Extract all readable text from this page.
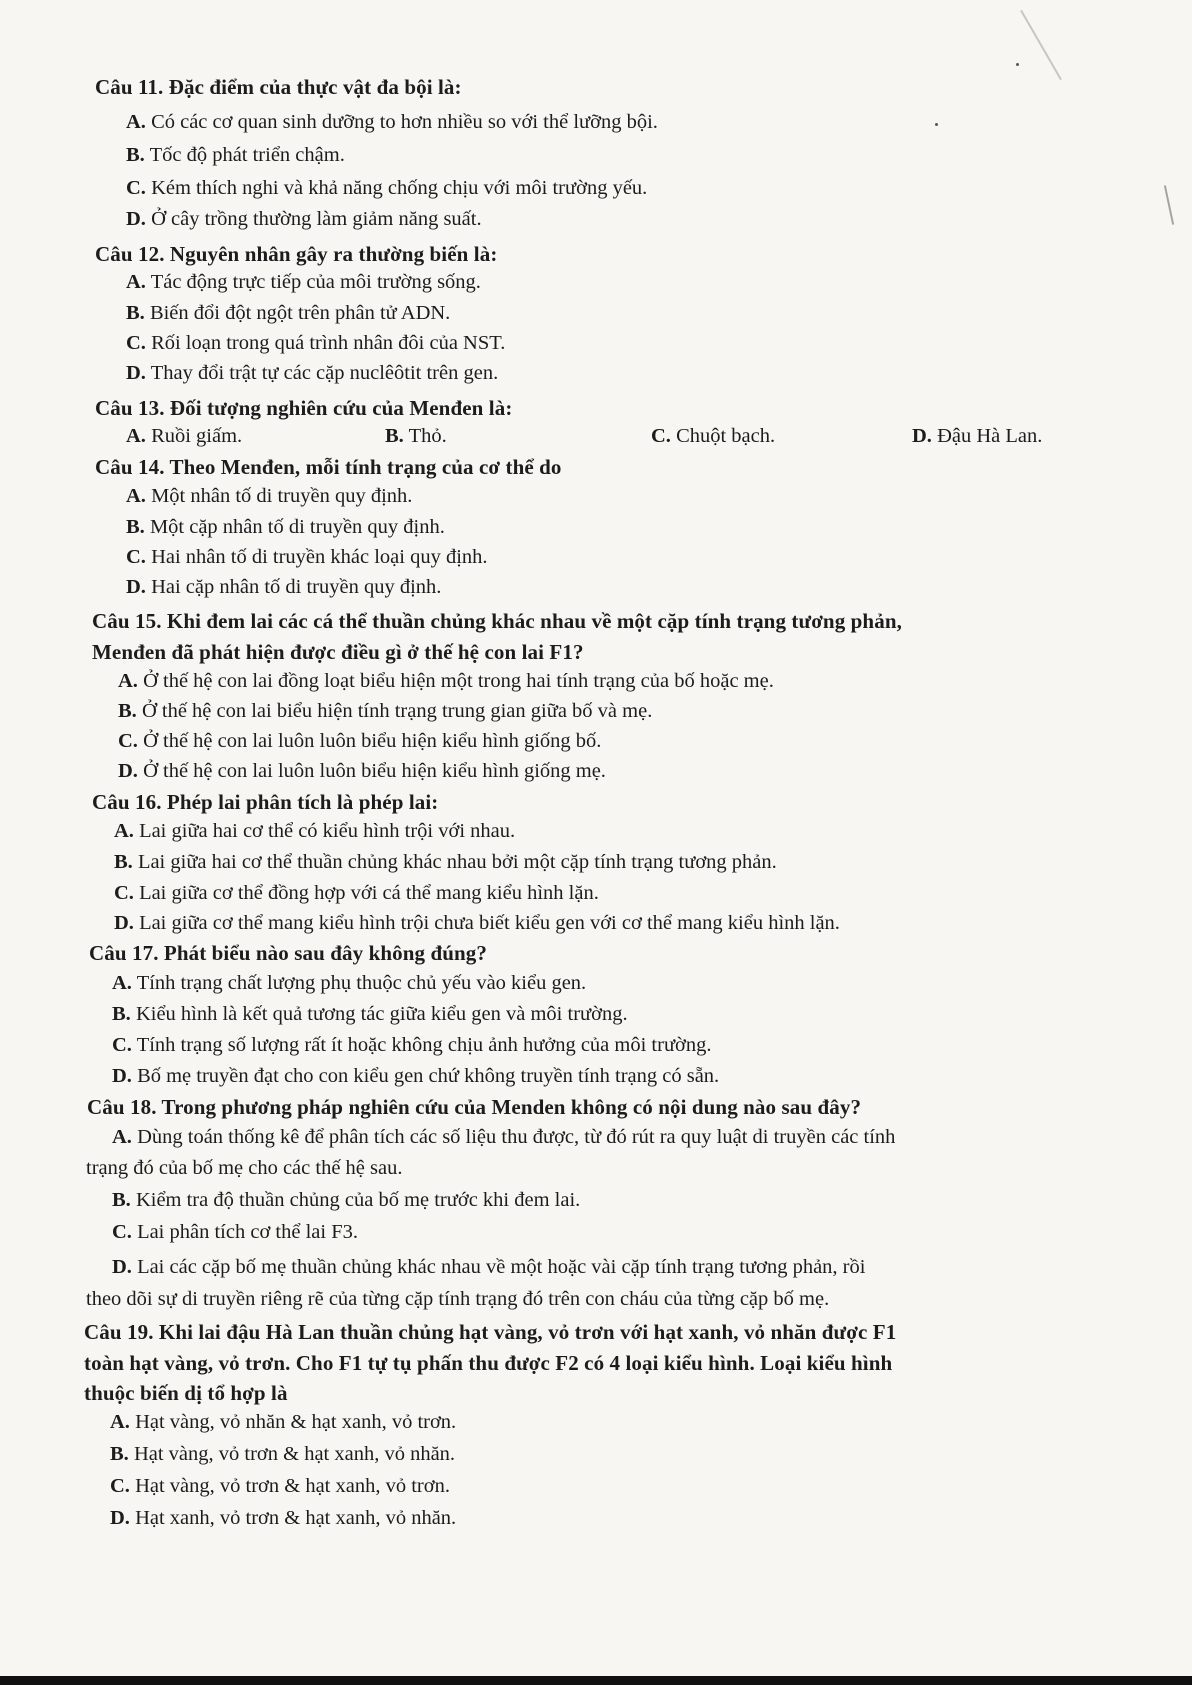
Câu 11. Đặc điểm của thực vật đa bội là:
A. Có các cơ quan sinh dưỡng to hơn nhiều so với thể lưỡng bội.
B. Tốc độ phát triển chậm.
C. Kém thích nghi và khả năng chống chịu với môi trường yếu.
D. Ở cây trồng thường làm giảm năng suất.
Câu 12. Nguyên nhân gây ra thường biến là:
A. Tác động trực tiếp của môi trường sống.
B. Biến đổi đột ngột trên phân tử ADN.
C. Rối loạn trong quá trình nhân đôi của NST.
D. Thay đổi trật tự các cặp nuclêôtit trên gen.
Câu 13. Đối tượng nghiên cứu của Menđen là:
A. Ruồi giấm.	B. Thỏ.	C. Chuột bạch.	D. Đậu Hà Lan.
Câu 14. Theo Menđen, mỗi tính trạng của cơ thể do
A. Một nhân tố di truyền quy định.
B. Một cặp nhân tố di truyền quy định.
C. Hai nhân tố di truyền khác loại quy định.
D. Hai cặp nhân tố di truyền quy định.
Câu 15. Khi đem lai các cá thể thuần chủng khác nhau về một cặp tính trạng tương phản,
Menđen đã phát hiện được điều gì ở thế hệ con lai F1?
A. Ở thế hệ con lai đồng loạt biểu hiện một trong hai tính trạng của bố hoặc mẹ.
B. Ở thế hệ con lai biểu hiện tính trạng trung gian giữa bố và mẹ.
C. Ở thế hệ con lai luôn luôn biểu hiện kiểu hình giống bố.
D. Ở thế hệ con lai luôn luôn biểu hiện kiểu hình giống mẹ.
Câu 16. Phép lai phân tích là phép lai:
A. Lai giữa hai cơ thể có kiểu hình trội với nhau.
B. Lai giữa hai cơ thể thuần chủng khác nhau bởi một cặp tính trạng tương phản.
C. Lai giữa cơ thể đồng hợp với cá thể mang kiểu hình lặn.
D. Lai giữa cơ thể mang kiểu hình trội chưa biết kiểu gen với cơ thể mang kiểu hình lặn.
Câu 17. Phát biểu nào sau đây không đúng?
A. Tính trạng chất lượng phụ thuộc chủ yếu vào kiểu gen.
B. Kiểu hình là kết quả tương tác giữa kiểu gen và môi trường.
C. Tính trạng số lượng rất ít hoặc không chịu ảnh hưởng của môi trường.
D. Bố mẹ truyền đạt cho con kiểu gen chứ không truyền tính trạng có sẵn.
Câu 18. Trong phương pháp nghiên cứu của Menden không có nội dung nào sau đây?
A. Dùng toán thống kê để phân tích các số liệu thu được, từ đó rút ra quy luật di truyền các tính
trạng đó của bố mẹ cho các thế hệ sau.
B. Kiểm tra độ thuần chủng của bố mẹ trước khi đem lai.
C. Lai phân tích cơ thể lai F3.
D. Lai các cặp bố mẹ thuần chủng khác nhau về một hoặc vài cặp tính trạng tương phản, rồi
theo dõi sự di truyền riêng rẽ của từng cặp tính trạng đó trên con cháu của từng cặp bố mẹ.
Câu 19. Khi lai đậu Hà Lan thuần chủng hạt vàng, vỏ trơn với hạt xanh, vỏ nhăn được F1
toàn hạt vàng, vỏ trơn. Cho F1 tự tụ phấn thu được F2 có 4 loại kiểu hình. Loại kiểu hình
thuộc biến dị tổ hợp là
A. Hạt vàng, vỏ nhăn & hạt xanh, vỏ trơn.
B. Hạt vàng, vỏ trơn & hạt xanh, vỏ nhăn.
C. Hạt vàng, vỏ trơn & hạt xanh, vỏ trơn.
D. Hạt xanh, vỏ trơn & hạt xanh, vỏ nhăn.
